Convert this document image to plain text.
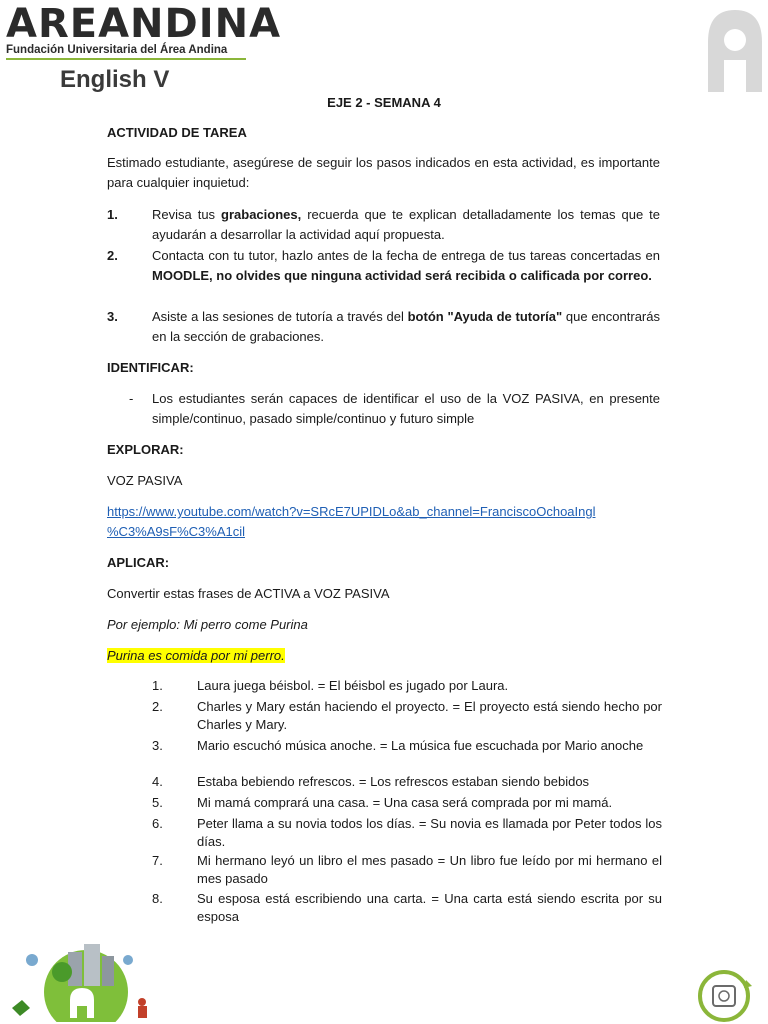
AREANDINA
Fundación Universitaria del Área Andina
English V
EJE 2 - SEMANA 4
ACTIVIDAD DE TAREA
Estimado estudiante, asegúrese de seguir los pasos indicados en esta actividad, es importante para cualquier inquietud:
1.	Revisa tus grabaciones, recuerda que te explican detalladamente los temas que te ayudarán a desarrollar la actividad aquí propuesta.
2.	Contacta con tu tutor, hazlo antes de la fecha de entrega de tus tareas concertadas en MOODLE, no olvides que ninguna actividad será recibida o calificada por correo.
3.	Asiste a las sesiones de tutoría a través del botón "Ayuda de tutoría" que encontrarás en la sección de grabaciones.
IDENTIFICAR:
- Los estudiantes serán capaces de identificar el uso de la VOZ PASIVA, en presente simple/continuo, pasado simple/continuo y futuro simple
EXPLORAR:
VOZ PASIVA
https://www.youtube.com/watch?v=SRcE7UPIDLo&ab_channel=FranciscoOchoaIngl
%C3%A9sF%C3%A1cil
APLICAR:
Convertir estas frases de ACTIVA a VOZ PASIVA
Por ejemplo: Mi perro come Purina
Purina es comida por mi perro.
1.	Laura juega béisbol. = El béisbol es jugado por Laura.
2.	Charles y Mary están haciendo el proyecto. = El proyecto está siendo hecho por Charles y Mary.
3.	Mario escuchó música anoche. = La música fue escuchada por Mario anoche
4.	Estaba bebiendo refrescos. = Los refrescos estaban siendo bebidos
5.	Mi mamá comprará una casa. = Una casa será comprada por mi mamá.
6.	Peter llama a su novia todos los días. = Su novia es llamada por Peter todos los días.
7.	Mi hermano leyó un libro el mes pasado = Un libro fue leído por mi hermano el mes pasado
8.	Su esposa está escribiendo una carta. = Una carta está siendo escrita por su esposa
